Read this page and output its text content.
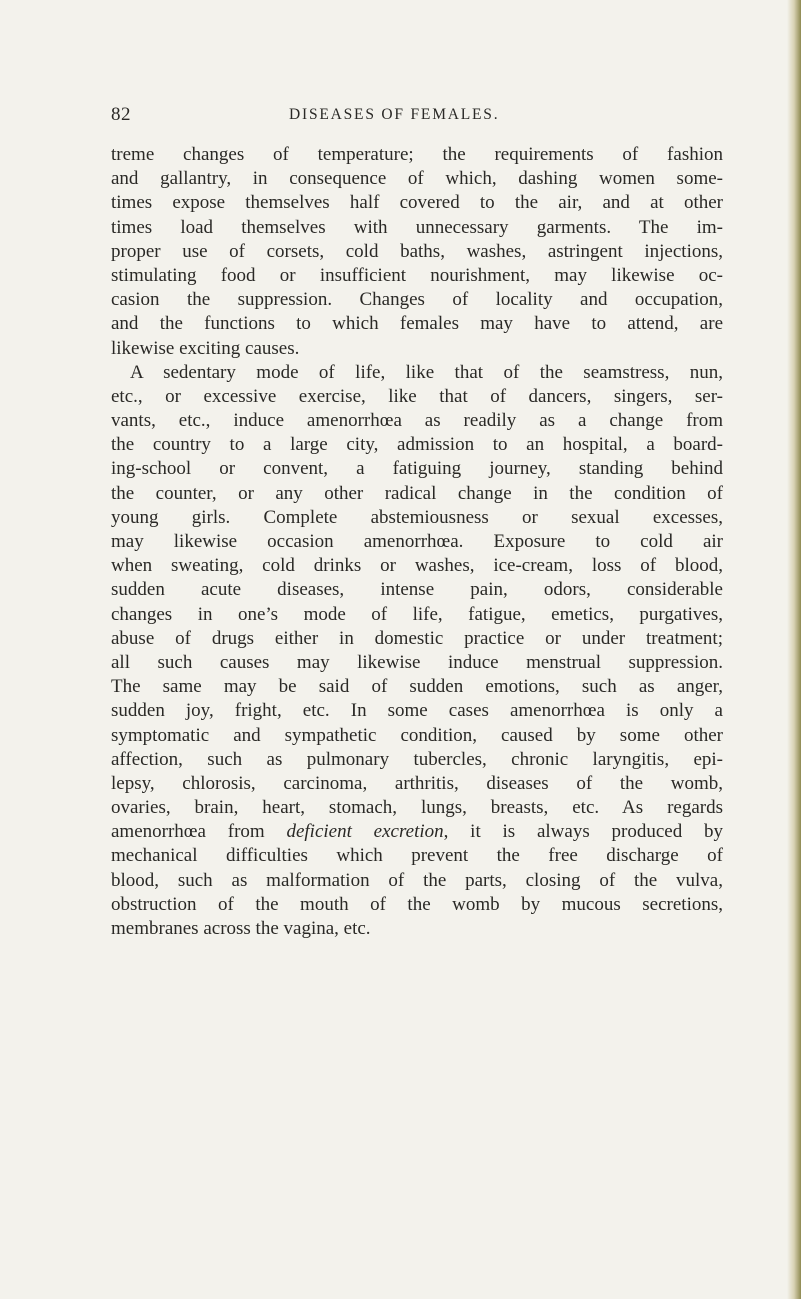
82	DISEASES OF FEMALES.
treme changes of temperature; the requirements of fashion
and gallantry, in consequence of which, dashing women some-
times expose themselves half covered to the air, and at other
times load themselves with unnecessary garments. The im-
proper use of corsets, cold baths, washes, astringent injections,
stimulating food or insufficient nourishment, may likewise oc-
casion the suppression. Changes of locality and occupation,
and the functions to which females may have to attend, are
likewise exciting causes.
A sedentary mode of life, like that of the seamstress, nun,
etc., or excessive exercise, like that of dancers, singers, ser-
vants, etc., induce amenorrhœa as readily as a change from
the country to a large city, admission to an hospital, a board-
ing-school or convent, a fatiguing journey, standing behind
the counter, or any other radical change in the condition of
young girls. Complete abstemiousness or sexual excesses,
may likewise occasion amenorrhœa. Exposure to cold air
when sweating, cold drinks or washes, ice-cream, loss of blood,
sudden acute diseases, intense pain, odors, considerable
changes in one’s mode of life, fatigue, emetics, purgatives,
abuse of drugs either in domestic practice or under treatment;
all such causes may likewise induce menstrual suppression.
The same may be said of sudden emotions, such as anger,
sudden joy, fright, etc. In some cases amenorrhœa is only a
symptomatic and sympathetic condition, caused by some other
affection, such as pulmonary tubercles, chronic laryngitis, epi-
lepsy, chlorosis, carcinoma, arthritis, diseases of the womb,
ovaries, brain, heart, stomach, lungs, breasts, etc. As regards
amenorrhœa from deficient excretion, it is always produced by
mechanical difficulties which prevent the free discharge of
blood, such as malformation of the parts, closing of the vulva,
obstruction of the mouth of the womb by mucous secretions,
membranes across the vagina, etc.
